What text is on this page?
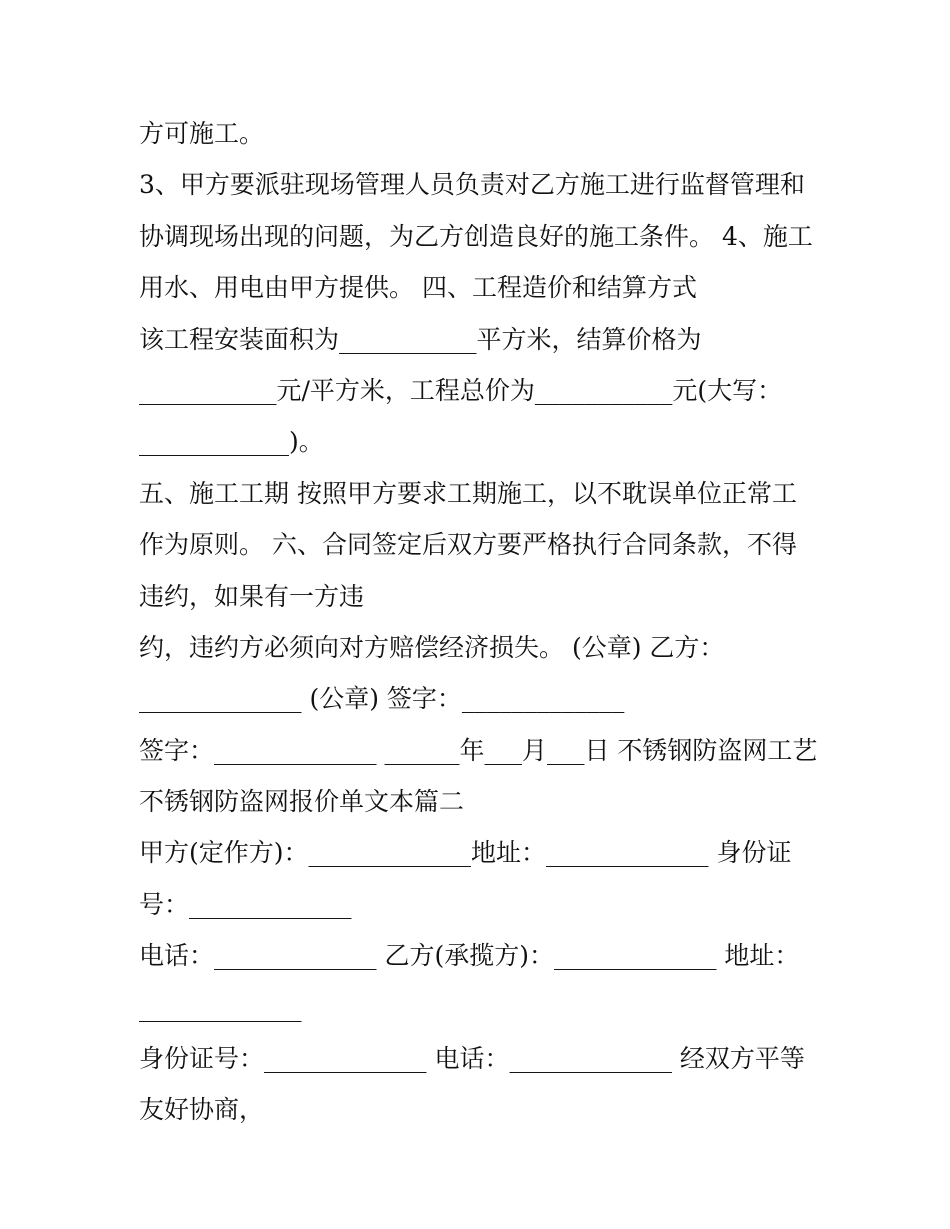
方可施工。

3、甲方要派驻现场管理人员负责对乙方施工进行监督管理和

协调现场出现的问题，为乙方创造良好的施工条件。 4、施工

用水、用电由甲方提供。 四、工程造价和结算方式

该工程安装面积为___________平方米，结算价格为

___________元/平方米，工程总价为___________元(大写：

____________)。

五、施工工期 按照甲方要求工期施工，以不耽误单位正常工

作为原则。 六、合同签定后双方要严格执行合同条款，不得

违约，如果有一方违

约，违约方必须向对方赔偿经济损失。 (公章) 乙方：

_____________ (公章) 签字：_____________

签字：_____________ ______年___月___日 不锈钢防盗网工艺

不锈钢防盗网报价单文本篇二

甲方(定作方)：_____________地址：_____________ 身份证

号：_____________

电话：_____________ 乙方(承揽方)：_____________ 地址：

_____________

身份证号：_____________ 电话：_____________ 经双方平等

友好协商，
